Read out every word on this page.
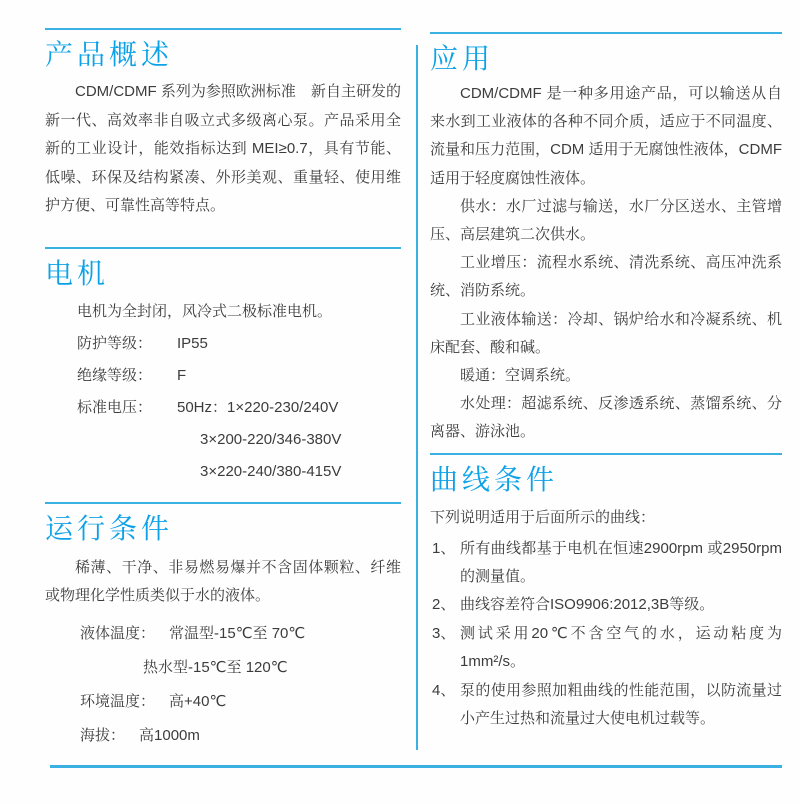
产品概述

CDM/CDMF 系列为参照欧洲标准　新自主研发的新一代、高效率非自吸立式多级离心泵。产品采用全新的工业设计，能效指标达到 MEI≥0.7，具有节能、低噪、环保及结构紧凑、外形美观、重量轻、使用维护方便、可靠性高等特点。

电机

电机为全封闭，风冷式二极标准电机。

防护等级：	IP55
绝缘等级：	F
标准电压：	50Hz：1×220-230/240V
3×200-220/346-380V
3×220-240/380-415V
运行条件

稀薄、干净、非易燃易爆并不含固体颗粒、纤维或物理化学性质类似于水的液体。

液体温度： 常温型-15℃至 70℃
热水型-15℃至 120℃
环境温度： 高+40℃
海拔： 高1000m
应用

CDM/CDMF 是一种多用途产品，可以输送从自来水到工业液体的各种不同介质，适应于不同温度、流量和压力范围，CDM 适用于无腐蚀性液体，CDMF 适用于轻度腐蚀性液体。

供水：水厂过滤与输送，水厂分区送水、主管增压、高层建筑二次供水。

工业增压：流程水系统、清洗系统、高压冲洗系统、消防系统。

工业液体输送：冷却、锅炉给水和冷凝系统、机床配套、酸和碱。

暖通：空调系统。

水处理：超滤系统、反渗透系统、蒸馏系统、分离器、游泳池。

曲线条件

下列说明适用于后面所示的曲线：

1、 所有曲线都基于电机在恒速2900rpm 或2950rpm 的测量值。
2、 曲线容差符合ISO9906:2012,3B等级。
3、 测试采用20℃不含空气的水，运动粘度为1mm²/s。
4、 泵的使用参照加粗曲线的性能范围，以防流量过小产生过热和流量过大使电机过载等。
